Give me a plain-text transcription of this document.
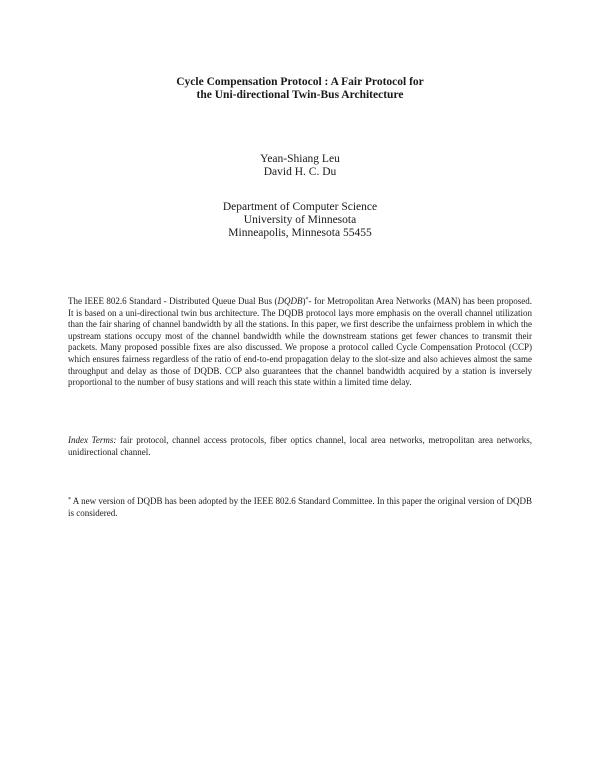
Cycle Compensation Protocol : A Fair Protocol for
the Uni-directional Twin-Bus Architecture
Yean-Shiang Leu
David H. C. Du
Department of Computer Science
University of Minnesota
Minneapolis, Minnesota 55455
The IEEE 802.6 Standard - Distributed Queue Dual Bus (DQDB)*- for Metropolitan Area Networks (MAN) has been proposed. It is based on a uni-directional twin bus architecture. The DQDB protocol lays more emphasis on the overall channel utilization than the fair sharing of channel bandwidth by all the stations. In this paper, we first describe the unfairness problem in which the upstream stations occupy most of the channel bandwidth while the downstream stations get fewer chances to transmit their packets. Many proposed possible fixes are also discussed. We propose a protocol called Cycle Compensation Protocol (CCP) which ensures fairness regardless of the ratio of end-to-end propagation delay to the slot-size and also achieves almost the same throughput and delay as those of DQDB. CCP also guarantees that the channel bandwidth acquired by a station is inversely proportional to the number of busy stations and will reach this state within a limited time delay.
Index Terms: fair protocol, channel access protocols, fiber optics channel, local area networks, metropolitan area networks, unidirectional channel.
* A new version of DQDB has been adopted by the IEEE 802.6 Standard Committee. In this paper the original version of DQDB is considered.
